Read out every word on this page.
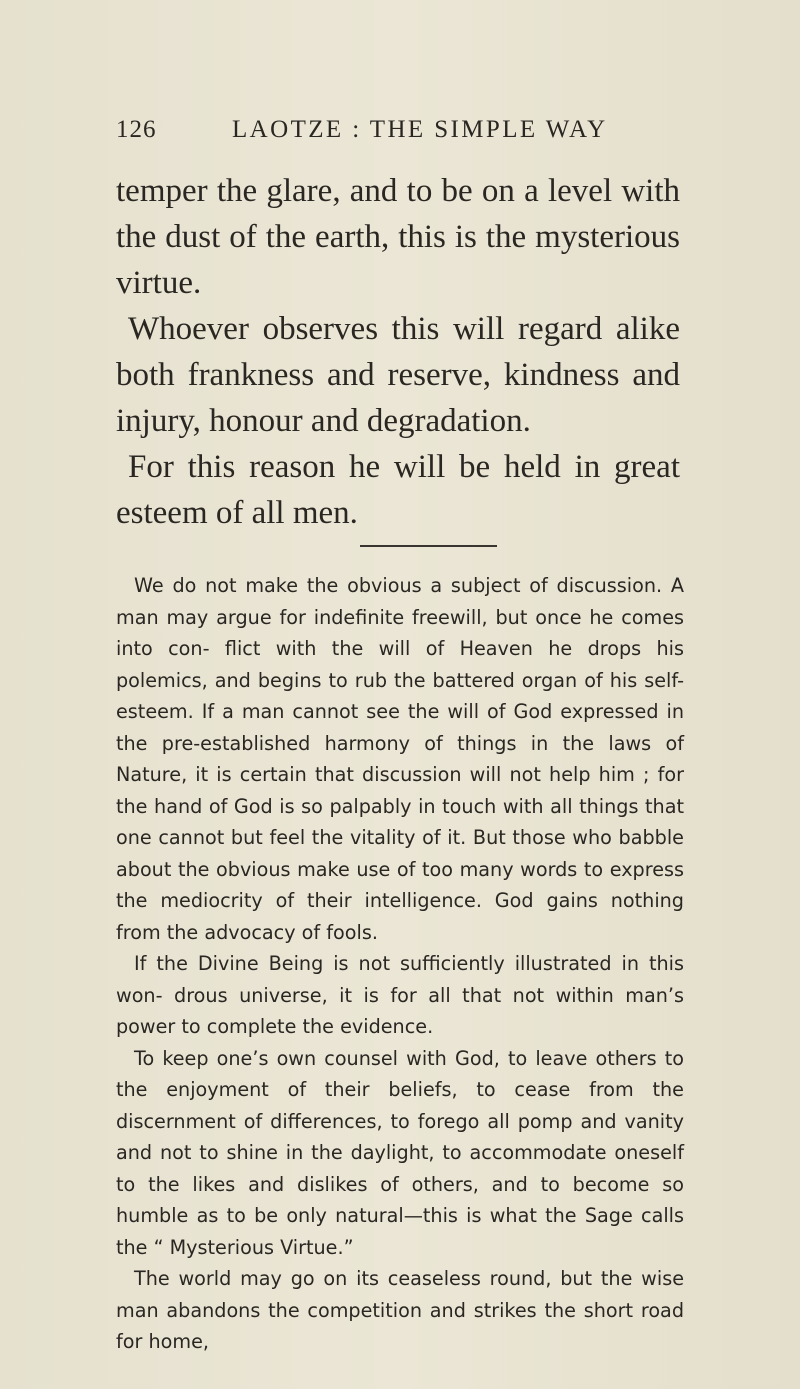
126	LAOTZE : THE SIMPLE WAY
temper the glare, and to be on a level with the dust of the earth, this is the mysterious virtue.
Whoever observes this will regard alike both frankness and reserve, kindness and injury, honour and degradation.
For this reason he will be held in great esteem of all men.

We do not make the obvious a subject of discussion. A man may argue for indefinite freewill, but once he comes into con- flict with the will of Heaven he drops his polemics, and begins to rub the battered organ of his self-esteem. If a man cannot see the will of God expressed in the pre-established harmony of things in the laws of Nature, it is certain that discussion will not help him ; for the hand of God is so palpably in touch with all things that one cannot but feel the vitality of it. But those who babble about the obvious make use of too many words to express the mediocrity of their intelligence. God gains nothing from the advocacy of fools.

If the Divine Being is not sufficiently illustrated in this won- drous universe, it is for all that not within man’s power to complete the evidence.

To keep one’s own counsel with God, to leave others to the enjoyment of their beliefs, to cease from the discernment of differences, to forego all pomp and vanity and not to shine in the daylight, to accommodate oneself to the likes and dislikes of others, and to become so humble as to be only natural—this is what the Sage calls the “ Mysterious Virtue.”

The world may go on its ceaseless round, but the wise man abandons the competition and strikes the short road for home,
